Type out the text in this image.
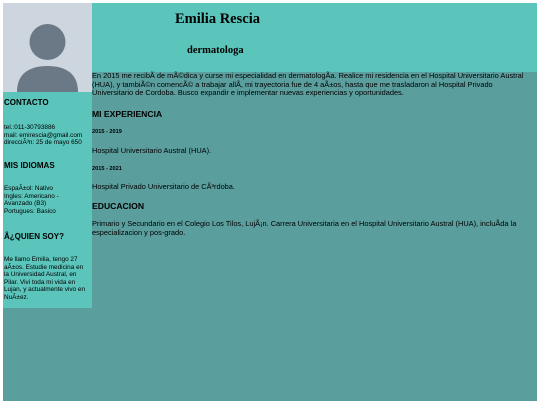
Emilia Rescia
dermatologa
CONTACTO
tel.:011-30793886
mail: emirescia@gmail.com
direcciÃ³n: 25 de mayo 650
MIS IDIOMAS
EspaÃ±ol: Nativo
Ingles: Americano -
Avanzado (B3)
Portugues: Basico
Â¿QUIEN SOY?
Me llamo Emilia, tengo 27
aÃ±os. Estudie medicina en
la Universidad Austral, en
Pilar. Vivi toda mi vida en
Lujan, y actualmente vivo en
NuÃ±ez.
En 2015 me recibÃ de mÃ©dica y curse mi especialidad en dermatologÃa. Realice mi residencia en el Hospital Universitario Austral
(HUA), y tambiÃ©n comencÃ© a trabajar allÃ, mi trayectoria fue de 4 aÃ±os, hasta que me trasladaron al Hospital Privado
Universitario de Cordoba. Busco expandir e implementar nuevas experiencias y oportunidades.
MI EXPERIENCIA

2015 - 2019

Hospital Universitario Austral (HUA).

2015 - 2021

Hospital Privado Universitario de CÃ³rdoba.

EDUCACION
Primario y Secundario en el Colegio Los Tilos, LujÃ¡n. Carrera Universitaria en el Hospital Universitario Austral (HUA), incluÃda la
especializacion y pos-grado.
